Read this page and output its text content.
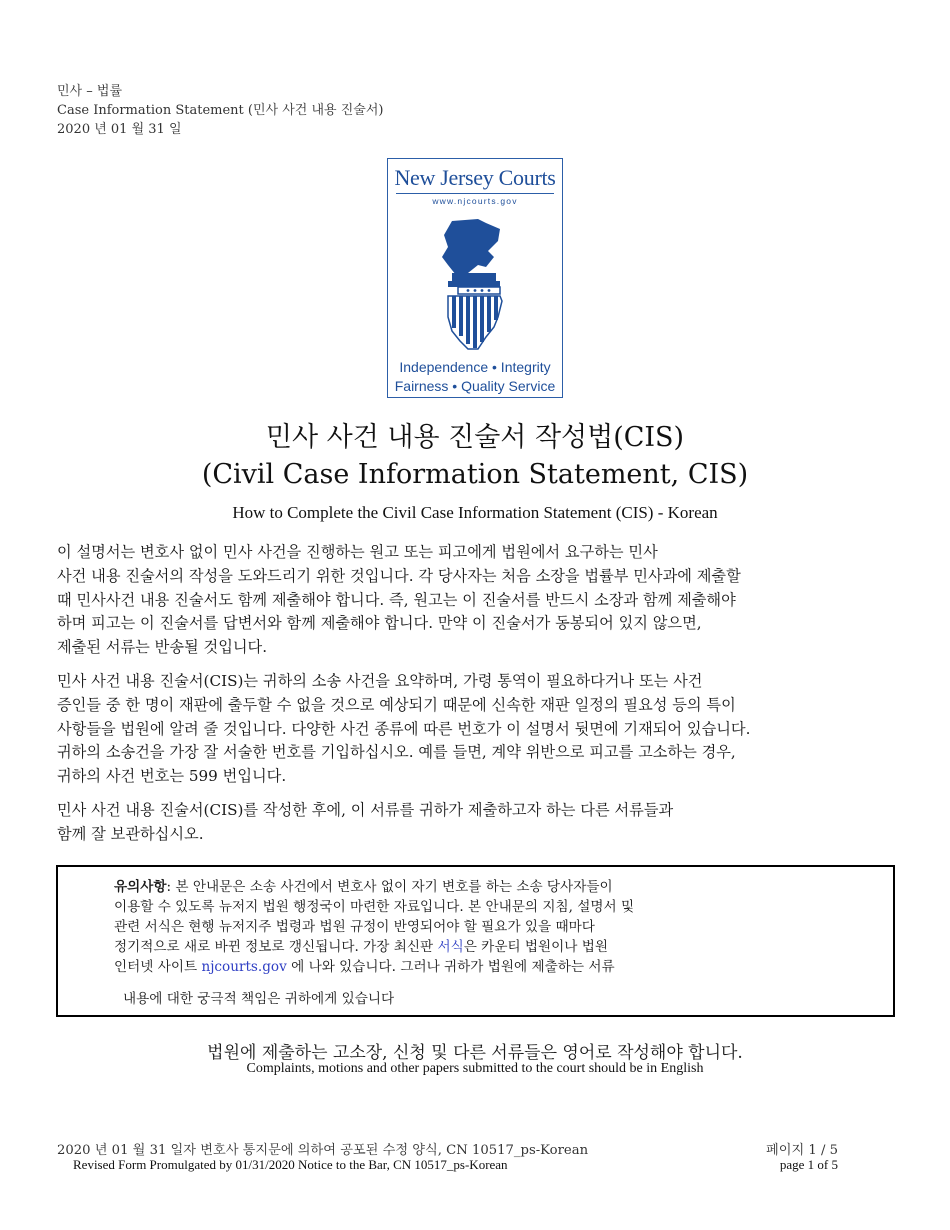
민사 – 법률
Case Information Statement (민사 사건 내용 진술서)
2020 년 01 월 31 일
New Jersey Courts
www.njcourts.gov
Independence • Integrity
Fairness • Quality Service
민사 사건 내용 진술서 작성법(CIS)
(Civil Case Information Statement, CIS)
How to Complete the Civil Case Information Statement (CIS) - Korean
이 설명서는 변호사 없이 민사 사건을 진행하는 원고 또는 피고에게 법원에서 요구하는 민사
사건 내용 진술서의 작성을 도와드리기 위한 것입니다. 각 당사자는 처음 소장을 법률부 민사과에 제출할
때 민사사건 내용 진술서도 함께 제출해야 합니다. 즉, 원고는 이 진술서를 반드시 소장과 함께 제출해야
하며 피고는 이 진술서를 답변서와 함께 제출해야 합니다. 만약 이 진술서가 동봉되어 있지 않으면,
제출된 서류는 반송될 것입니다.
민사 사건 내용 진술서(CIS)는 귀하의 소송 사건을 요약하며, 가령 통역이 필요하다거나 또는 사건
증인들 중 한 명이 재판에 출두할 수 없을 것으로 예상되기 때문에 신속한 재판 일정의 필요성 등의 특이
사항들을 법원에 알려 줄 것입니다. 다양한 사건 종류에 따른 번호가 이 설명서 뒷면에 기재되어 있습니다.
귀하의 소송건을 가장 잘 서술한 번호를 기입하십시오. 예를 들면, 계약 위반으로 피고를 고소하는 경우,
귀하의 사건 번호는 599 번입니다.
민사 사건 내용 진술서(CIS)를 작성한 후에, 이 서류를 귀하가 제출하고자 하는 다른 서류들과
함께 잘 보관하십시오.
유의사항: 본 안내문은 소송 사건에서 변호사 없이 자기 변호를 하는 소송 당사자들이
이용할 수 있도록 뉴저지 법원 행정국이 마련한 자료입니다. 본 안내문의 지침, 설명서 및
관련 서식은 현행 뉴저지주 법령과 법원 규정이 반영되어야 할 필요가 있을 때마다
정기적으로 새로 바뀐 정보로 갱신됩니다. 가장 최신판 서식은 카운티 법원이나 법원
인터넷 사이트 njcourts.gov 에 나와 있습니다. 그러나 귀하가 법원에 제출하는 서류
내용에 대한 궁극적 책임은 귀하에게 있습니다
법원에 제출하는 고소장, 신청 및 다른 서류들은 영어로 작성해야 합니다.
Complaints, motions and other papers submitted to the court should be in English
2020 년 01 월 31 일자 변호사 통지문에 의하여 공포된 수정 양식, CN 10517_ps-Korean
Revised Form Promulgated by 01/31/2020 Notice to the Bar, CN 10517_ps-Korean
페이지 1 / 5
page 1 of 5
